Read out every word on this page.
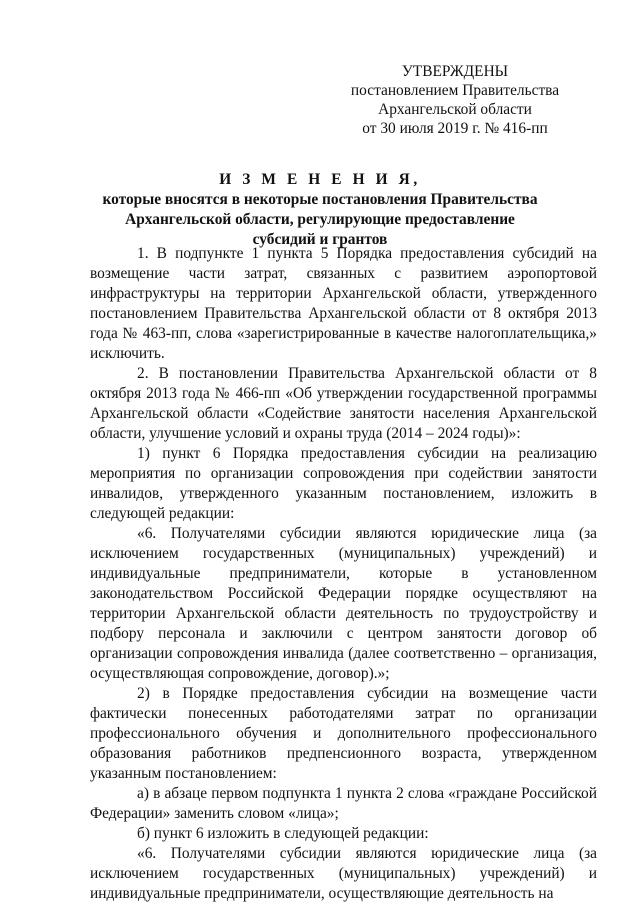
УТВЕРЖДЕНЫ
постановлением Правительства
Архангельской области
от 30 июля 2019 г. № 416-пп
И З М Е Н Е Н И Я,
которые вносятся в некоторые постановления Правительства
Архангельской области, регулирующие предоставление
субсидий и грантов

1. В подпункте 1 пункта 5 Порядка предоставления субсидий на возмещение части затрат, связанных с развитием аэропортовой инфраструктуры на территории Архангельской области, утвержденного постановлением Правительства Архангельской области от 8 октября 2013 года № 463-пп, слова «зарегистрированные в качестве налогоплательщика,» исключить.

2. В постановлении Правительства Архангельской области от 8 октября 2013 года № 466-пп «Об утверждении государственной программы Архангельской области «Содействие занятости населения Архангельской области, улучшение условий и охраны труда (2014 – 2024 годы)»:

1) пункт 6 Порядка предоставления субсидии на реализацию мероприятия по организации сопровождения при содействии занятости инвалидов, утвержденного указанным постановлением, изложить в следующей редакции:

«6. Получателями субсидии являются юридические лица (за исключением государственных (муниципальных) учреждений) и индивидуальные предприниматели, которые в установленном законодательством Российской Федерации порядке осуществляют на территории Архангельской области деятельность по трудоустройству и подбору персонала и заключили с центром занятости договор об организации сопровождения инвалида (далее соответственно – организация, осуществляющая сопровождение, договор).»;

2) в Порядке предоставления субсидии на возмещение части фактически понесенных работодателями затрат по организации профессионального обучения и дополнительного профессионального образования работников предпенсионного возраста, утвержденном указанным постановлением:

а) в абзаце первом подпункта 1 пункта 2 слова «граждане Российской Федерации» заменить словом «лица»;

б) пункт 6 изложить в следующей редакции:

«6. Получателями субсидии являются юридические лица (за исключением государственных (муниципальных) учреждений) и индивидуальные предприниматели, осуществляющие деятельность на
